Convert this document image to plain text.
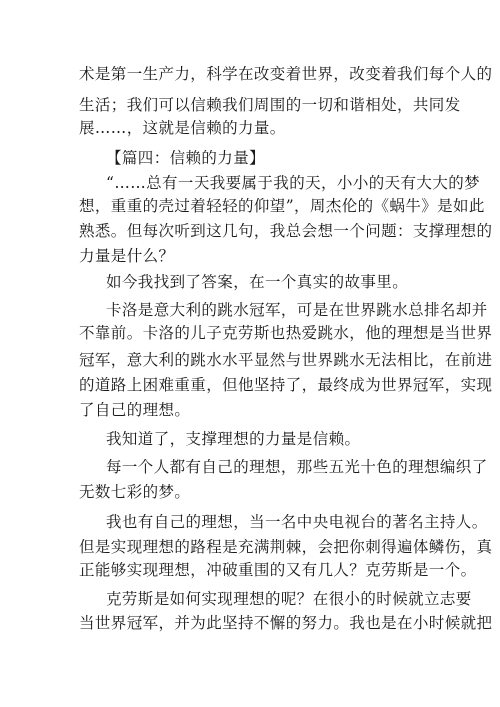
术是第一生产力，科学在改变着世界，改变着我们每个人的
生活；我们可以信赖我们周围的一切和谐相处，共同发
展……，这就是信赖的力量。
【篇四：信赖的力量】
“……总有一天我要属于我的天，小小的天有大大的梦
想，重重的壳过着轻轻的仰望”，周杰伦的《蜗牛》是如此
熟悉。但每次听到这几句，我总会想一个问题：支撑理想的
力量是什么？
如今我找到了答案，在一个真实的故事里。
卡洛是意大利的跳水冠军，可是在世界跳水总排名却并
不靠前。卡洛的儿子克劳斯也热爱跳水，他的理想是当世界
冠军，意大利的跳水水平显然与世界跳水无法相比，在前进
的道路上困难重重，但他坚持了，最终成为世界冠军，实现
了自己的理想。
我知道了，支撑理想的力量是信赖。
每一个人都有自己的理想，那些五光十色的理想编织了
无数七彩的梦。
我也有自己的理想，当一名中央电视台的著名主持人。
但是实现理想的路程是充满荆棘，会把你刺得遍体鳞伤，真
正能够实现理想，冲破重围的又有几人？克劳斯是一个。
克劳斯是如何实现理想的呢？在很小的时候就立志要
当世界冠军，并为此坚持不懈的努力。我也是在小时候就把
